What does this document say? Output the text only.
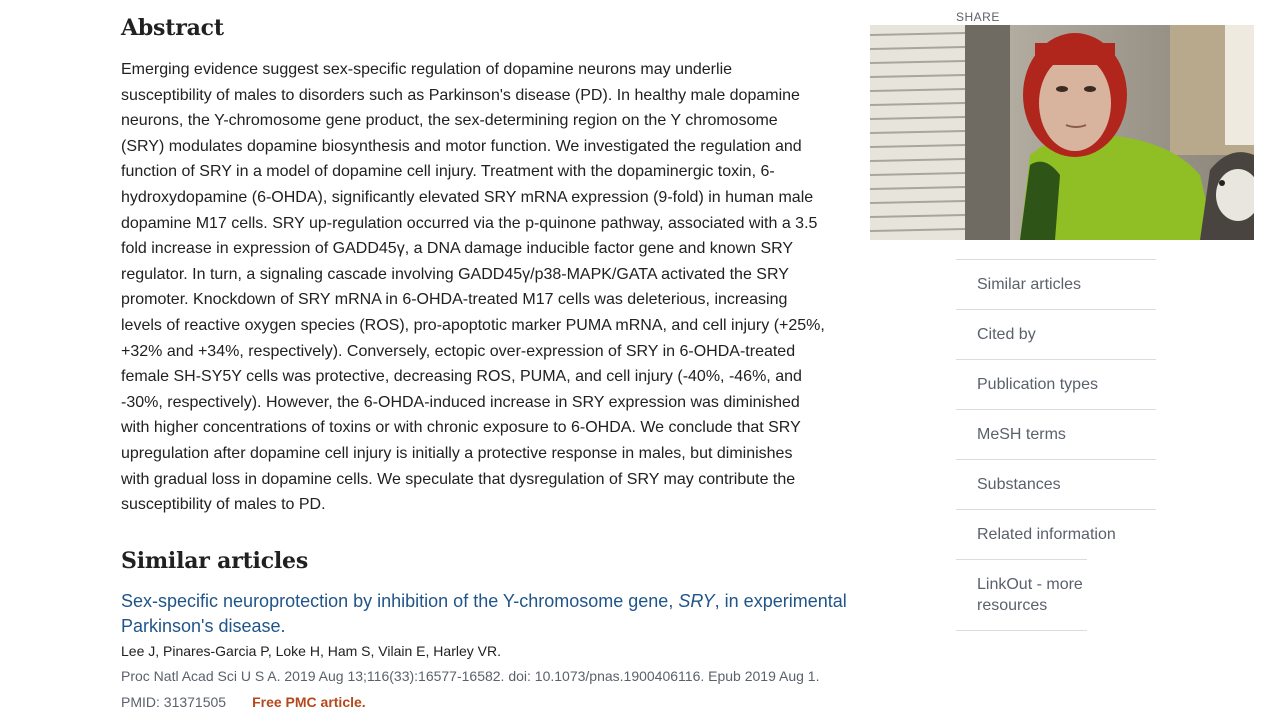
Abstract
Emerging evidence suggest sex-specific regulation of dopamine neurons may underlie
susceptibility of males to disorders such as Parkinson's disease (PD). In healthy male dopamine
neurons, the Y-chromosome gene product, the sex-determining region on the Y chromosome
(SRY) modulates dopamine biosynthesis and motor function. We investigated the regulation and
function of SRY in a model of dopamine cell injury. Treatment with the dopaminergic toxin, 6-
hydroxydopamine (6-OHDA), significantly elevated SRY mRNA expression (9-fold) in human male
dopamine M17 cells. SRY up-regulation occurred via the p-quinone pathway, associated with a 3.5
fold increase in expression of GADD45γ, a DNA damage inducible factor gene and known SRY
regulator. In turn, a signaling cascade involving GADD45γ/p38-MAPK/GATA activated the SRY
promoter. Knockdown of SRY mRNA in 6-OHDA-treated M17 cells was deleterious, increasing
levels of reactive oxygen species (ROS), pro-apoptotic marker PUMA mRNA, and cell injury (+25%,
+32% and +34%, respectively). Conversely, ectopic over-expression of SRY in 6-OHDA-treated
female SH-SY5Y cells was protective, decreasing ROS, PUMA, and cell injury (-40%, -46%, and
-30%, respectively). However, the 6-OHDA-induced increase in SRY expression was diminished
with higher concentrations of toxins or with chronic exposure to 6-OHDA. We conclude that SRY
upregulation after dopamine cell injury is initially a protective response in males, but diminishes
with gradual loss in dopamine cells. We speculate that dysregulation of SRY may contribute the
susceptibility of males to PD.
Similar articles
Sex-specific neuroprotection by inhibition of the Y-chromosome gene, SRY, in experimental Parkinson's disease.
Lee J, Pinares-Garcia P, Loke H, Ham S, Vilain E, Harley VR.
Proc Natl Acad Sci U S A. 2019 Aug 13;116(33):16577-16582. doi: 10.1073/pnas.1900406116. Epub 2019 Aug 1.
PMID: 31371505 Free PMC article.
SHARE
Similar articles
Cited by
Publication types
MeSH terms
Substances
Related information
LinkOut - more resources
